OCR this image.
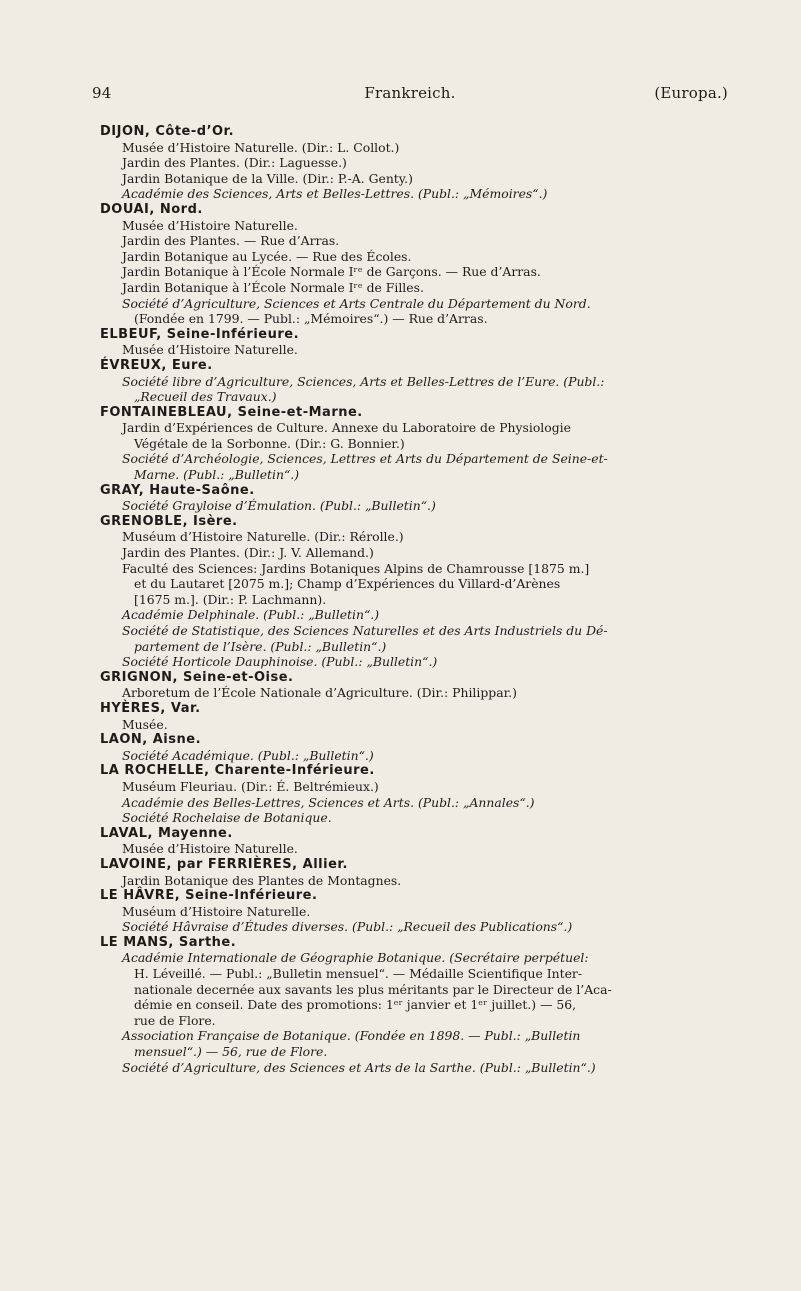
94	Frankreich.	(Europa.)
DIJON, Côte-d’Or.
Musée d’Histoire Naturelle. (Dir.: L. Collot.)
Jardin des Plantes. (Dir.: Laguesse.)
Jardin Botanique de la Ville. (Dir.: P.-A. Genty.)
Académie des Sciences, Arts et Belles-Lettres. (Publ.: „Mémoires“.)
DOUAI, Nord.
Musée d’Histoire Naturelle.
Jardin des Plantes. — Rue d’Arras.
Jardin Botanique au Lycée. — Rue des Écoles.
Jardin Botanique à l’École Normale Iʳᵉ de Garçons. — Rue d’Arras.
Jardin Botanique à l’École Normale Iʳᵉ de Filles.
Société d’Agriculture, Sciences et Arts Centrale du Département du Nord.
(Fondée en 1799. — Publ.: „Mémoires“.) — Rue d’Arras.
ELBEUF, Seine-Inférieure.
Musée d’Histoire Naturelle.
ÉVREUX, Eure.
Société libre d’Agriculture, Sciences, Arts et Belles-Lettres de l’Eure. (Publ.:
„Recueil des Travaux.)
FONTAINEBLEAU, Seine-et-Marne.
Jardin d’Expériences de Culture. Annexe du Laboratoire de Physiologie
Végétale de la Sorbonne. (Dir.: G. Bonnier.)
Société d’Archéologie, Sciences, Lettres et Arts du Département de Seine-et-
Marne. (Publ.: „Bulletin“.)
GRAY, Haute-Saône.
Société Grayloise d’Émulation. (Publ.: „Bulletin“.)
GRENOBLE, Isère.
Muséum d’Histoire Naturelle. (Dir.: Rérolle.)
Jardin des Plantes. (Dir.: J. V. Allemand.)
Faculté des Sciences: Jardins Botaniques Alpins de Chamrousse [1875 m.]
et du Lautaret [2075 m.]; Champ d’Expériences du Villard-d’Arènes
[1675 m.]. (Dir.: P. Lachmann).
Académie Delphinale. (Publ.: „Bulletin“.)
Société de Statistique, des Sciences Naturelles et des Arts Industriels du Dé-
partement de l’Isère. (Publ.: „Bulletin“.)
Société Horticole Dauphinoise. (Publ.: „Bulletin“.)
GRIGNON, Seine-et-Oise.
Arboretum de l’École Nationale d’Agriculture. (Dir.: Philippar.)
HYÈRES, Var.
Musée.
LAON, Aisne.
Société Académique. (Publ.: „Bulletin“.)
LA ROCHELLE, Charente-Inférieure.
Muséum Fleuriau. (Dir.: É. Beltrémieux.)
Académie des Belles-Lettres, Sciences et Arts. (Publ.: „Annales“.)
Société Rochelaise de Botanique.
LAVAL, Mayenne.
Musée d’Histoire Naturelle.
LAVOINE, par FERRIÈRES, Allier.
Jardin Botanique des Plantes de Montagnes.
LE HÂVRE, Seine-Inférieure.
Muséum d’Histoire Naturelle.
Société Hâvraise d’Études diverses. (Publ.: „Recueil des Publications“.)
LE MANS, Sarthe.
Académie Internationale de Géographie Botanique. (Secrétaire perpétuel:
H. Léveillé. — Publ.: „Bulletin mensuel“. — Médaille Scientifique Inter-
nationale decernée aux savants les plus méritants par le Directeur de l’Aca-
démie en conseil. Date des promotions: 1ᵉʳ janvier et 1ᵉʳ juillet.) — 56,
rue de Flore.
Association Française de Botanique. (Fondée en 1898. — Publ.: „Bulletin
mensuel“.) — 56, rue de Flore.
Société d’Agriculture, des Sciences et Arts de la Sarthe. (Publ.: „Bulletin“.)
